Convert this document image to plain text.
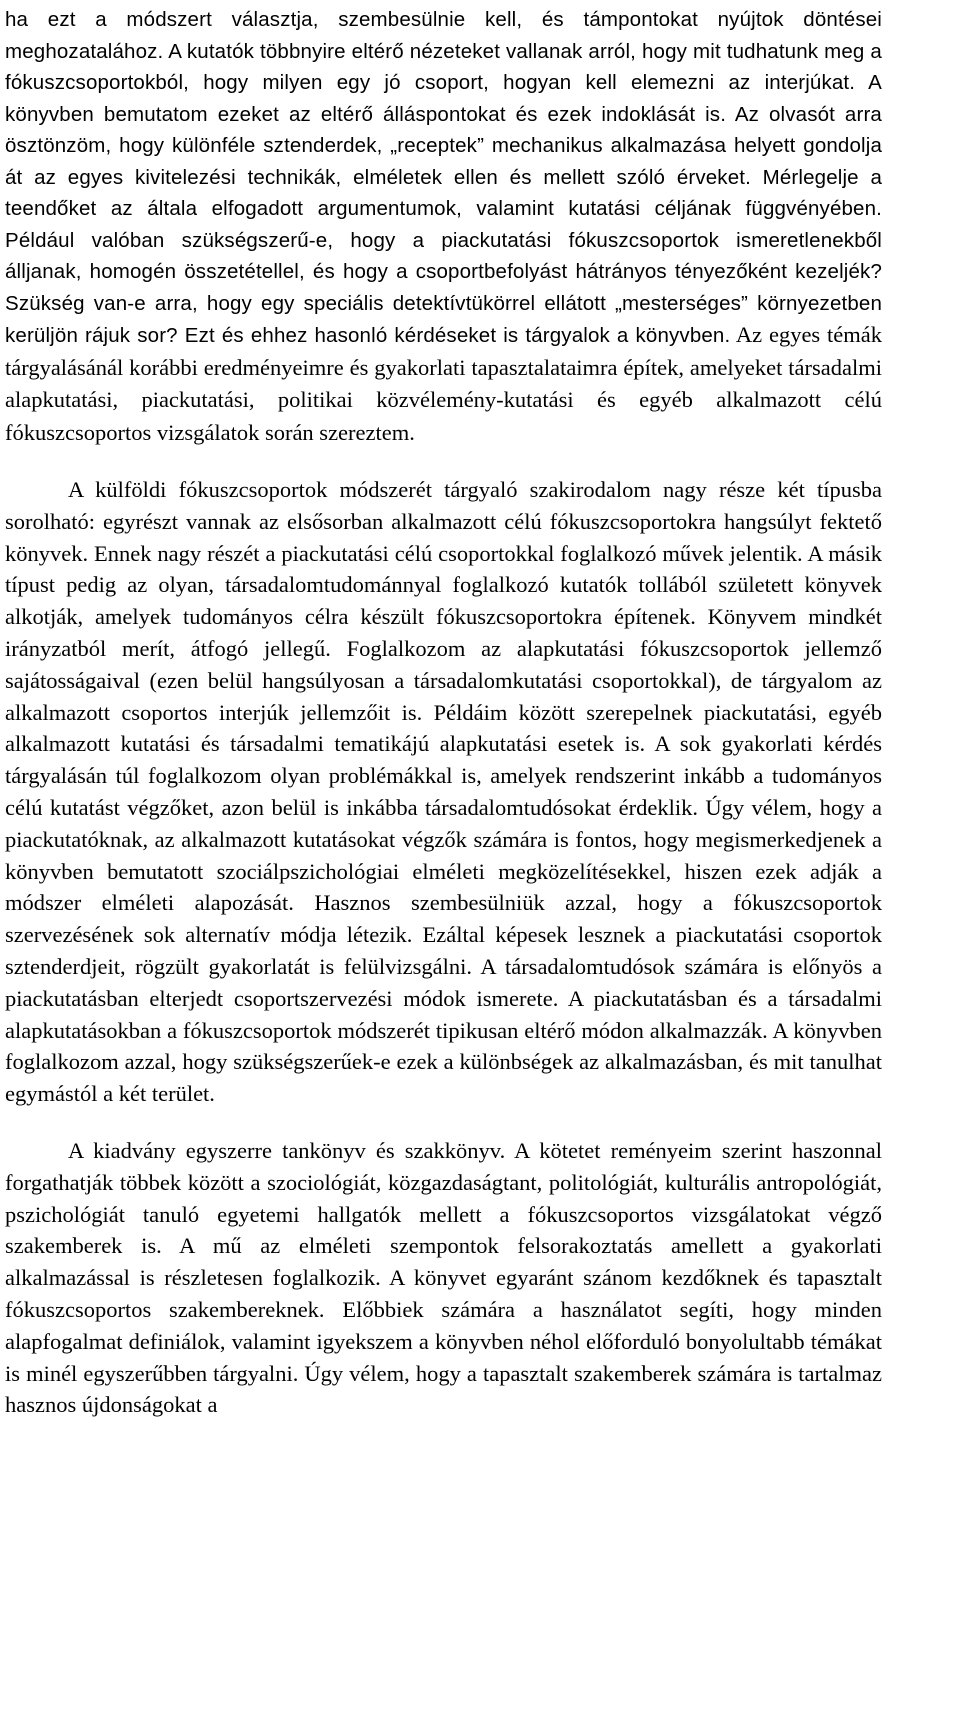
ha ezt a módszert választja, szembesülnie kell, és támpontokat nyújtok döntései meghozatalához. A kutatók többnyire eltérő nézeteket vallanak arról, hogy mit tudhatunk meg a fókuszcsoportokból, hogy milyen egy jó csoport, hogyan kell elemezni az interjúkat. A könyvben bemutatom ezeket az eltérő álláspontokat és ezek indoklását is. Az olvasót arra ösztönzöm, hogy különféle sztenderdek, „receptek” mechanikus alkalmazása helyett gondolja át az egyes kivitelezési technikák, elméletek ellen és mellett szóló érveket. Mérlegelje a teendőket az általa elfogadott argumentumok, valamint kutatási céljának függvényében. Például valóban szükségszerű-e, hogy a piackutatási fókuszcsoportok ismeretlenekből álljanak, homogén összetétellel, és hogy a csoportbefolyást hátrányos tényezőként kezeljék? Szükség van-e arra, hogy egy speciális detektívtükörrel ellátott „mesterséges” környezetben kerüljön rájuk sor? Ezt és ehhez hasonló kérdéseket is tárgyalok a könyvben. Az egyes témák tárgyalásánál korábbi eredményeimre és gyakorlati tapasztalataimra építek, amelyeket társadalmi alapkutatási, piackutatási, politikai közvélemény-kutatási és egyéb alkalmazott célú fókuszcsoportos vizsgálatok során szereztem.

A külföldi fókuszcsoportok módszerét tárgyaló szakirodalom nagy része két típusba sorolható: egyrészt vannak az elsősorban alkalmazott célú fókuszcsoportokra hangsúlyt fektető könyvek. Ennek nagy részét a piackutatási célú csoportokkal foglalkozó művek jelentik. A másik típust pedig az olyan, társadalomtudománnyal foglalkozó kutatók tollából született könyvek alkotják, amelyek tudományos célra készült fókuszcsoportokra építenek. Könyvem mindkét irányzatból merít, átfogó jellegű. Foglalkozom az alapkutatási fókuszcsoportok jellemző sajátosságaival (ezen belül hangsúlyosan a társadalomkutatási csoportokkal), de tárgyalom az alkalmazott csoportos interjúk jellemzőit is. Példáim között szerepelnek piackutatási, egyéb alkalmazott kutatási és társadalmi tematikájú alapkutatási esetek is. A sok gyakorlati kérdés tárgyalásán túl foglalkozom olyan problémákkal is, amelyek rendszerint inkább a tudományos célú kutatást végzőket, azon belül is inkábba társadalomtudósokat érdeklik. Úgy vélem, hogy a piackutatóknak, az alkalmazott kutatásokat végzők számára is fontos, hogy megismerkedjenek a könyvben bemutatott szociálpszichológiai elméleti megközelítésekkel, hiszen ezek adják a módszer elméleti alapozását. Hasznos szembesülniük azzal, hogy a fókuszcsoportok szervezésének sok alternatív módja létezik. Ezáltal képesek lesznek a piackutatási csoportok sztenderdjeit, rögzült gyakorlatát is felülvizsgálni. A társadalomtudósok számára is előnyös a piackutatásban elterjedt csoportszervezési módok ismerete. A piackutatásban és a társadalmi alapkutatásokban a fókuszcsoportok módszerét tipikusan eltérő módon alkalmazzák. A könyvben foglalkozom azzal, hogy szükségszerűek-e ezek a különbségek az alkalmazásban, és mit tanulhat egymástól a két terület.

A kiadvány egyszerre tankönyv és szakkönyv. A kötetet reményeim szerint haszonnal forgathatják többek között a szociológiát, közgazdaságtant, politológiát, kulturális antropológiát, pszichológiát tanuló egyetemi hallgatók mellett a fókuszcsoportos vizsgálatokat végző szakemberek is. A mű az elméleti szempontok felsorakoztatás amellett a gyakorlati alkalmazással is részletesen foglalkozik. A könyvet egyaránt szánom kezdőknek és tapasztalt fókuszcsoportos szakembereknek. Előbbiek számára a használatot segíti, hogy minden alapfogalmat definiálok, valamint igyekszem a könyvben néhol előforduló bonyolultabb témákat is minél egyszerűbben tárgyalni. Úgy vélem, hogy a tapasztalt szakemberek számára is tartalmaz hasznos újdonságokat a
